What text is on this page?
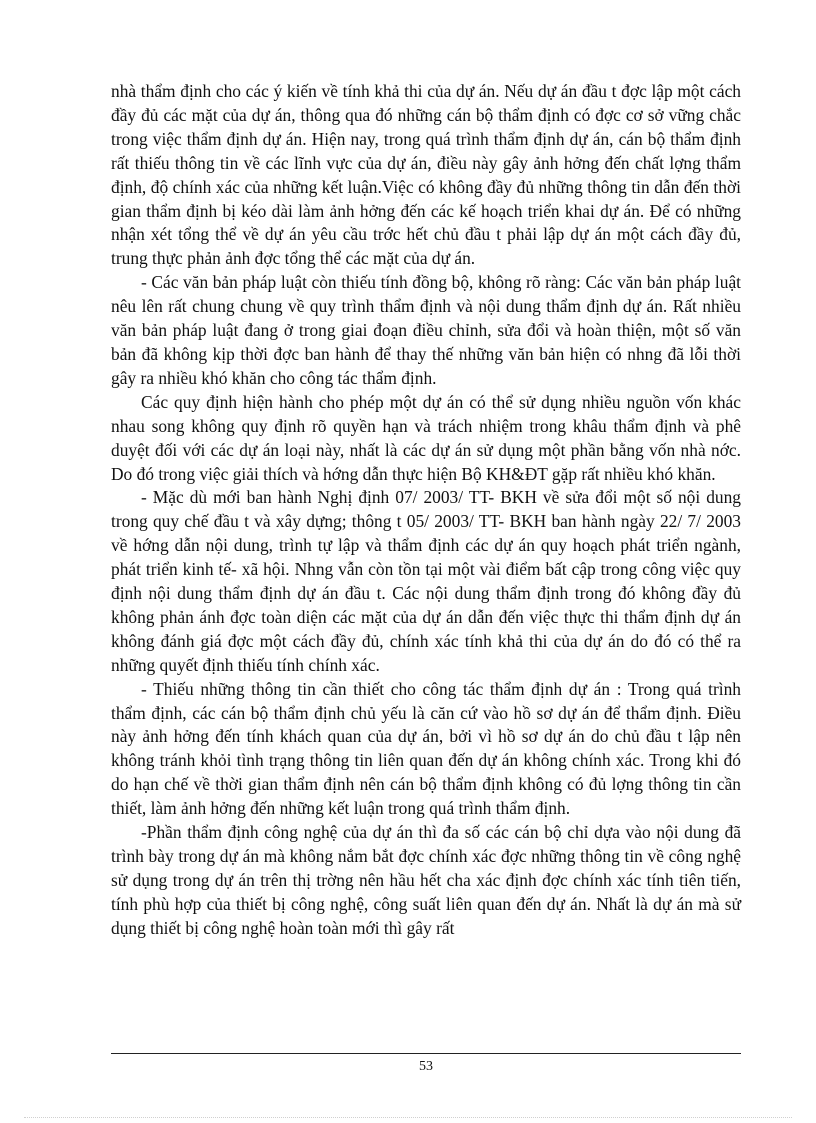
nhà thẩm định cho các ý kiến về tính khả thi của dự án. Nếu dự án đầu t đợc lập một cách đầy đủ các mặt của dự án, thông qua đó những cán bộ thẩm định có đợc cơ sở vững chắc trong việc thẩm định dự án. Hiện nay, trong quá trình thẩm định dự án, cán bộ thẩm định rất thiếu thông tin về các lĩnh vực của dự án, điều này gây ảnh hởng đến chất lợng thẩm định, độ chính xác của những kết luận.Việc có không đầy đủ những thông tin dẫn đến thời gian thẩm định bị kéo dài làm ảnh hởng đến các kế hoạch triển khai dự án. Để có những nhận xét tổng thể về dự án yêu cầu trớc hết chủ đầu t phải lập dự án một cách đầy đủ, trung thực phản ảnh đợc tổng thể các mặt của dự án.

- Các văn bản pháp luật còn thiếu tính đồng bộ, không rõ ràng: Các văn bản pháp luật nêu lên rất chung chung về quy trình thẩm định và nội dung thẩm định dự án. Rất nhiều văn bản pháp luật đang ở trong giai đoạn điều chỉnh, sửa đổi và hoàn thiện, một số văn bản đã không kịp thời đợc ban hành để thay thế những văn bản hiện có nhng đã lỗi thời gây ra nhiều khó khăn cho công tác thẩm định.

Các quy định hiện hành cho phép một dự án có thể sử dụng nhiều nguồn vốn khác nhau song không quy định rõ quyền hạn và trách nhiệm trong khâu thẩm định và phê duyệt đối với các dự án loại này, nhất là các dự án sử dụng một phần bằng vốn nhà nớc. Do đó trong việc giải thích và hớng dẫn thực hiện Bộ KH&ĐT gặp rất nhiều khó khăn.

- Mặc dù mới ban hành Nghị định 07/ 2003/ TT- BKH về sửa đổi một số nội dung trong quy chế đầu t và xây dựng; thông t 05/ 2003/ TT- BKH ban hành ngày 22/ 7/ 2003 về hớng dẫn nội dung, trình tự lập và thẩm định các dự án quy hoạch phát triển ngành, phát triển kinh tế- xã hội. Nhng vẫn còn tồn tại một vài điểm bất cập trong công việc quy định nội dung thẩm định dự án đầu t. Các nội dung thẩm định trong đó không đầy đủ không phản ánh đợc toàn diện các mặt của dự án dẫn đến việc thực thi thẩm định dự án không đánh giá đợc một cách đầy đủ, chính xác tính khả thi của dự án do đó có thể ra những quyết định thiếu tính chính xác.

- Thiếu những thông tin cần thiết cho công tác thẩm định dự án : Trong quá trình thẩm định, các cán bộ thẩm định chủ yếu là căn cứ vào hồ sơ dự án để thẩm định. Điều này ảnh hởng đến tính khách quan của dự án, bởi vì hồ sơ dự án do chủ đầu t lập nên không tránh khỏi tình trạng thông tin liên quan đến dự án không chính xác. Trong khi đó do hạn chế về thời gian thẩm định nên cán bộ thẩm định không có đủ lợng thông tin cần thiết, làm ảnh hởng đến những kết luận trong quá trình thẩm định.

-Phần thẩm định công nghệ của dự án thì đa số các cán bộ chỉ dựa vào nội dung đã trình bày trong dự án mà không nắm bắt đợc chính xác đợc những thông tin về công nghệ sử dụng trong dự án trên thị trờng nên hầu hết cha xác định đợc chính xác tính tiên tiến, tính phù hợp của thiết bị công nghệ, công suất liên quan đến dự án. Nhất là dự án mà sử dụng thiết bị công nghệ hoàn toàn mới thì gây rất

53
